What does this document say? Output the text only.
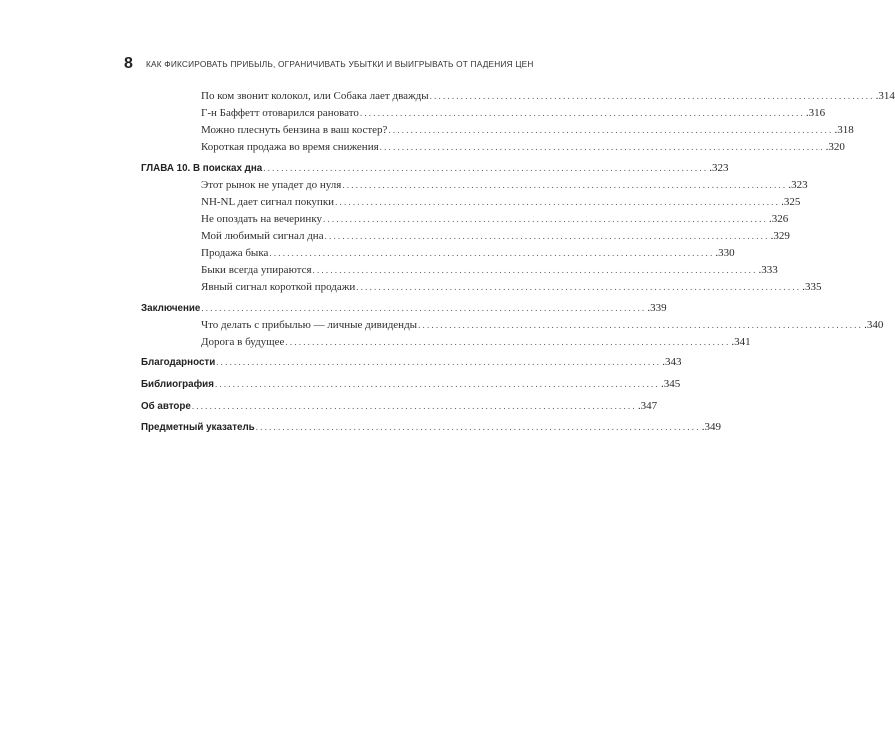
8 КАК ФИКСИРОВАТЬ ПРИБЫЛЬ, ОГРАНИЧИВАТЬ УБЫТКИ И ВЫИГРЫВАТЬ ОТ ПАДЕНИЯ ЦЕН
По ком звонит колокол, или Собака лает дважды .................................................................................................... .314
Г-н Баффетт отоварился рановато .................................................................................................... .316
Можно плеснуть бензина в ваш костер? .................................................................................................... .318
Короткая продажа во время снижения .................................................................................................... .320
ГЛАВА 10. В поисках дна .................................................................................................... .323
Этот рынок не упадет до нуля .................................................................................................... .323
NH-NL дает сигнал покупки .................................................................................................... .325
Не опоздать на вечеринку .................................................................................................... .326
Мой любимый сигнал дна .................................................................................................... .329
Продажа быка .................................................................................................... .330
Быки всегда упираются .................................................................................................... .333
Явный сигнал короткой продажи .................................................................................................... .335
Заключение .................................................................................................... .339
Что делать с прибылью — личные дивиденды .................................................................................................... .340
Дорога в будущее .................................................................................................... .341
Благодарности .................................................................................................... .343
Библиография .................................................................................................... .345
Об авторе .................................................................................................... .347
Предметный указатель .................................................................................................... .349
